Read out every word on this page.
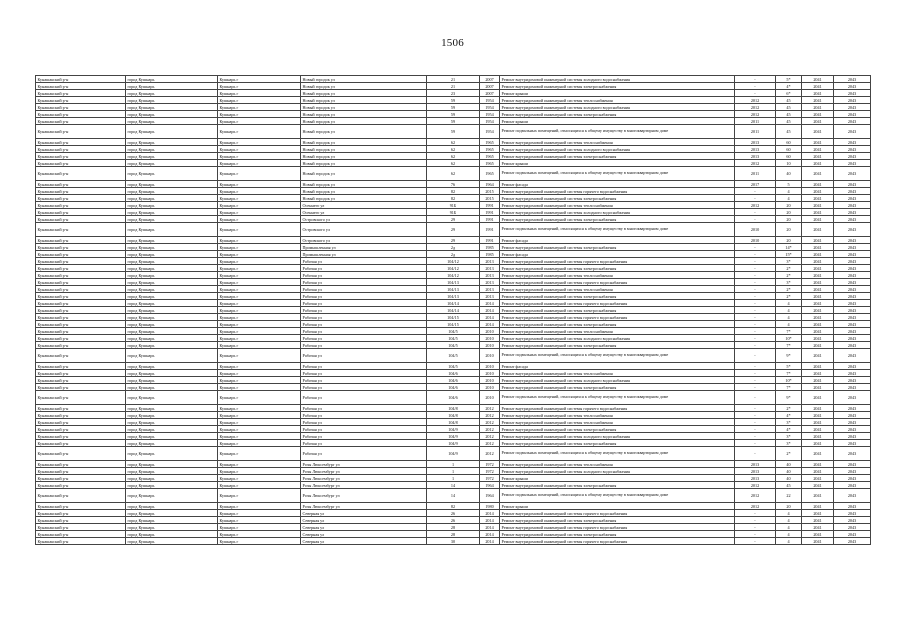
1506
Кунашакский р-н	город Кушнарь	Кушнарь г	Новый городок ул	21	2007	Ремонт внутридомовой инженерной системы холодного водоснабжения	-	5*	2041	2043
Кунашакский р-н	город Кушнарь	Кушнарь г	Новый городок ул	21	2007	Ремонт внутридомовой инженерной системы электроснабжения	-	4*	2041	2043
Кунашакский р-н	город Кушнарь	Кушнарь г	Новый городок ул	23	2007	Ремонт крыши	-	6*	2041	2043
Кунашакский р-н	город Кушнарь	Кушнарь г	Новый городок ул	59	1954	Ремонт внутридомовой инженерной системы теплоснабжения	2012	45	2041	2043
Кунашакский р-н	город Кушнарь	Кушнарь г	Новый городок ул	59	1954	Ремонт внутридомовой инженерной системы холодного водоснабжения	2012	45	2041	2043
Кунашакский р-н	город Кушнарь	Кушнарь г	Новый городок ул	59	1954	Ремонт внутридомовой инженерной системы электроснабжения	2012	45	2041	2043
Кунашакский р-н	город Кушнарь	Кушнарь г	Новый городок ул	59	1954	Ремонт крыши	2011	45	2041	2043
Кунашакский р-н	город Кушнарь	Кушнарь г	Новый городок ул	59	1954	Ремонт подвальных помещений, относящихся к общему имуществу в многоквартирном доме	2011	45	2041	2043
Кунашакский р-н	город Кушнарь	Кушнарь г	Новый городок ул	62	1965	Ремонт внутридомовой инженерной системы теплоснабжения	2013	60	2041	2043
Кунашакский р-н	город Кушнарь	Кушнарь г	Новый городок ул	62	1965	Ремонт внутридомовой инженерной системы холодного водоснабжения	2013	60	2041	2043
Кунашакский р-н	город Кушнарь	Кушнарь г	Новый городок ул	62	1965	Ремонт внутридомовой инженерной системы электроснабжения	2013	60	2041	2043
Кунашакский р-н	город Кушнарь	Кушнарь г	Новый городок ул	62	1965	Ремонт крыши	2012	10	2041	2043
Кунашакский р-н	город Кушнарь	Кушнарь г	Новый городок ул	62	1965	Ремонт подвальных помещений, относящихся к общему имуществу в многоквартирном доме	2011	40	2041	2043
Кунашакский р-н	город Кушнарь	Кушнарь г	Новый городок ул	76	1964	Ремонт фасада	2017	5	2041	2043
Кунашакский р-н	город Кушнарь	Кушнарь г	Новый городок ул	82	2015	Ремонт внутридомовой инженерной системы горячего водоснабжения	-	4	2041	2043
Кунашакский р-н	город Кушнарь	Кушнарь г	Новый городок ул	82	2015	Ремонт внутридомовой инженерной системы электроснабжения	-	4	2041	2043
Кунашакский р-н	город Кушнарь	Кушнарь г	Осеннего ул	91Б	1991	Ремонт внутридомовой инженерной системы теплоснабжения	2012	20	2041	2043
Кунашакский р-н	город Кушнарь	Кушнарь г	Осеннего ул	91Б	1991	Ремонт внутридомовой инженерной системы холодного водоснабжения	-	20	2041	2043
Кунашакский р-н	город Кушнарь	Кушнарь г	Островского ул	29	1991	Ремонт внутридомовой инженерной системы электроснабжения	-	20	2041	2043
Кунашакский р-н	город Кушнарь	Кушнарь г	Островского ул	29	1991	Ремонт подвальных помещений, относящихся к общему имуществу в многоквартирном доме	2010	20	2041	2043
Кунашакский р-н	город Кушнарь	Кушнарь г	Островского ул	29	1991	Ремонт фасада	2010	20	2041	2043
Кунашакский р-н	город Кушнарь	Кушнарь г	Промышленная ул	2д	1985	Ремонт внутридомовой инженерной системы электроснабжения	-	14*	2041	2043
Кунашакский р-н	город Кушнарь	Кушнарь г	Промышленная ул	2д	1985	Ремонт фасада	-	15*	2041	2043
Кунашакский р-н	город Кушнарь	Кушнарь г	Рабочая ул	104/12	2013	Ремонт внутридомовой инженерной системы горячего водоснабжения	-	3*	2041	2043
Кунашакский р-н	город Кушнарь	Кушнарь г	Рабочая ул	104/12	2013	Ремонт внутридомовой инженерной системы электроснабжения	-	2*	2041	2043
Кунашакский р-н	город Кушнарь	Кушнарь г	Рабочая ул	104/12	2013	Ремонт внутридомовой инженерной системы теплоснабжения	-	2*	2041	2043
Кунашакский р-н	город Кушнарь	Кушнарь г	Рабочая ул	104/13	2013	Ремонт внутридомовой инженерной системы горячего водоснабжения	-	3*	2041	2043
Кунашакский р-н	город Кушнарь	Кушнарь г	Рабочая ул	104/13	2013	Ремонт внутридомовой инженерной системы теплоснабжения	-	2*	2041	2043
Кунашакский р-н	город Кушнарь	Кушнарь г	Рабочая ул	104/13	2013	Ремонт внутридомовой инженерной системы электроснабжения	-	2*	2041	2043
Кунашакский р-н	город Кушнарь	Кушнарь г	Рабочая ул	104/14	2014	Ремонт внутридомовой инженерной системы горячего водоснабжения	-	4	2041	2043
Кунашакский р-н	город Кушнарь	Кушнарь г	Рабочая ул	104/14	2014	Ремонт внутридомовой инженерной системы электроснабжения	-	4	2041	2043
Кунашакский р-н	город Кушнарь	Кушнарь г	Рабочая ул	104/15	2014	Ремонт внутридомовой инженерной системы горячего водоснабжения	-	4	2041	2043
Кунашакский р-н	город Кушнарь	Кушнарь г	Рабочая ул	104/15	2014	Ремонт внутридомовой инженерной системы электроснабжения	-	4	2041	2043
Кунашакский р-н	город Кушнарь	Кушнарь г	Рабочая ул	104/5	2010	Ремонт внутридомовой инженерной системы теплоснабжения	-	7*	2041	2043
Кунашакский р-н	город Кушнарь	Кушнарь г	Рабочая ул	104/5	2010	Ремонт внутридомовой инженерной системы холодного водоснабжения	-	10*	2041	2043
Кунашакский р-н	город Кушнарь	Кушнарь г	Рабочая ул	104/5	2010	Ремонт внутридомовой инженерной системы электроснабжения	-	7*	2041	2043
Кунашакский р-н	город Кушнарь	Кушнарь г	Рабочая ул	104/5	2010	Ремонт подвальных помещений, относящихся к общему имуществу в многоквартирном доме	-	9*	2041	2043
Кунашакский р-н	город Кушнарь	Кушнарь г	Рабочая ул	104/5	2010	Ремонт фасада	-	5*	2041	2043
Кунашакский р-н	город Кушнарь	Кушнарь г	Рабочая ул	104/6	2010	Ремонт внутридомовой инженерной системы теплоснабжения	-	7*	2041	2043
Кунашакский р-н	город Кушнарь	Кушнарь г	Рабочая ул	104/6	2010	Ремонт внутридомовой инженерной системы холодного водоснабжения	-	10*	2041	2043
Кунашакский р-н	город Кушнарь	Кушнарь г	Рабочая ул	104/6	2010	Ремонт внутридомовой инженерной системы электроснабжения	-	7*	2041	2043
Кунашакский р-н	город Кушнарь	Кушнарь г	Рабочая ул	104/6	2010	Ремонт подвальных помещений, относящихся к общему имуществу в многоквартирном доме	-	9*	2041	2043
Кунашакский р-н	город Кушнарь	Кушнарь г	Рабочая ул	104/8	2012	Ремонт внутридомовой инженерной системы горячего водоснабжения	-	2*	2041	2043
Кунашакский р-н	город Кушнарь	Кушнарь г	Рабочая ул	104/8	2012	Ремонт внутридомовой инженерной системы теплоснабжения	-	4*	2041	2043
Кунашакский р-н	город Кушнарь	Кушнарь г	Рабочая ул	104/8	2012	Ремонт внутридомовой инженерной системы теплоснабжения	-	3*	2041	2043
Кунашакский р-н	город Кушнарь	Кушнарь г	Рабочая ул	104/9	2012	Ремонт внутридомовой инженерной системы электроснабжения	-	4*	2041	2043
Кунашакский р-н	город Кушнарь	Кушнарь г	Рабочая ул	104/9	2012	Ремонт внутридомовой инженерной системы холодного водоснабжения	-	3*	2041	2043
Кунашакский р-н	город Кушнарь	Кушнарь г	Рабочая ул	104/9	2012	Ремонт внутридомовой инженерной системы электроснабжения	-	3*	2041	2043
Кунашакский р-н	город Кушнарь	Кушнарь г	Рабочая ул	104/9	2012	Ремонт подвальных помещений, относящихся к общему имуществу в многоквартирном доме	-	2*	2041	2043
Кунашакский р-н	город Кушнарь	Кушнарь г	Розы Люксембург ул	1	1972	Ремонт внутридомовой инженерной системы теплоснабжения	2013	40	2041	2043
Кунашакский р-н	город Кушнарь	Кушнарь г	Розы Люксембург ул	1	1972	Ремонт внутридомовой инженерной системы холодного водоснабжения	2013	40	2041	2043
Кунашакский р-н	город Кушнарь	Кушнарь г	Розы Люксембург ул	1	1972	Ремонт крыши	2013	40	2041	2043
Кунашакский р-н	город Кушнарь	Кушнарь г	Розы Люксембург ул	14	1964	Ремонт внутридомовой инженерной системы электроснабжения	2012	45	2041	2043
Кунашакский р-н	город Кушнарь	Кушнарь г	Розы Люксембург ул	14	1964	Ремонт подвальных помещений, относящихся к общему имуществу в многоквартирном доме	2012	22	2041	2043
Кунашакский р-н	город Кушнарь	Кушнарь г	Розы Люксембург ул	82	1980	Ремонт крыши	2012	20	2041	2043
Кунашакский р-н	город Кушнарь	Кушнарь г	Северная ул	26	2014	Ремонт внутридомовой инженерной системы горячего водоснабжения	-	4	2041	2043
Кунашакский р-н	город Кушнарь	Кушнарь г	Северная ул	26	2014	Ремонт внутридомовой инженерной системы электроснабжения	-	4	2041	2043
Кунашакский р-н	город Кушнарь	Кушнарь г	Северная ул	28	2014	Ремонт внутридомовой инженерной системы горячего водоснабжения	-	4	2041	2043
Кунашакский р-н	город Кушнарь	Кушнарь г	Северная ул	28	2014	Ремонт внутридомовой инженерной системы электроснабжения	-	4	2041	2043
Кунашакский р-н	город Кушнарь	Кушнарь г	Северная ул	30	2014	Ремонт внутридомовой инженерной системы горячего водоснабжения	-	4	2041	2043
